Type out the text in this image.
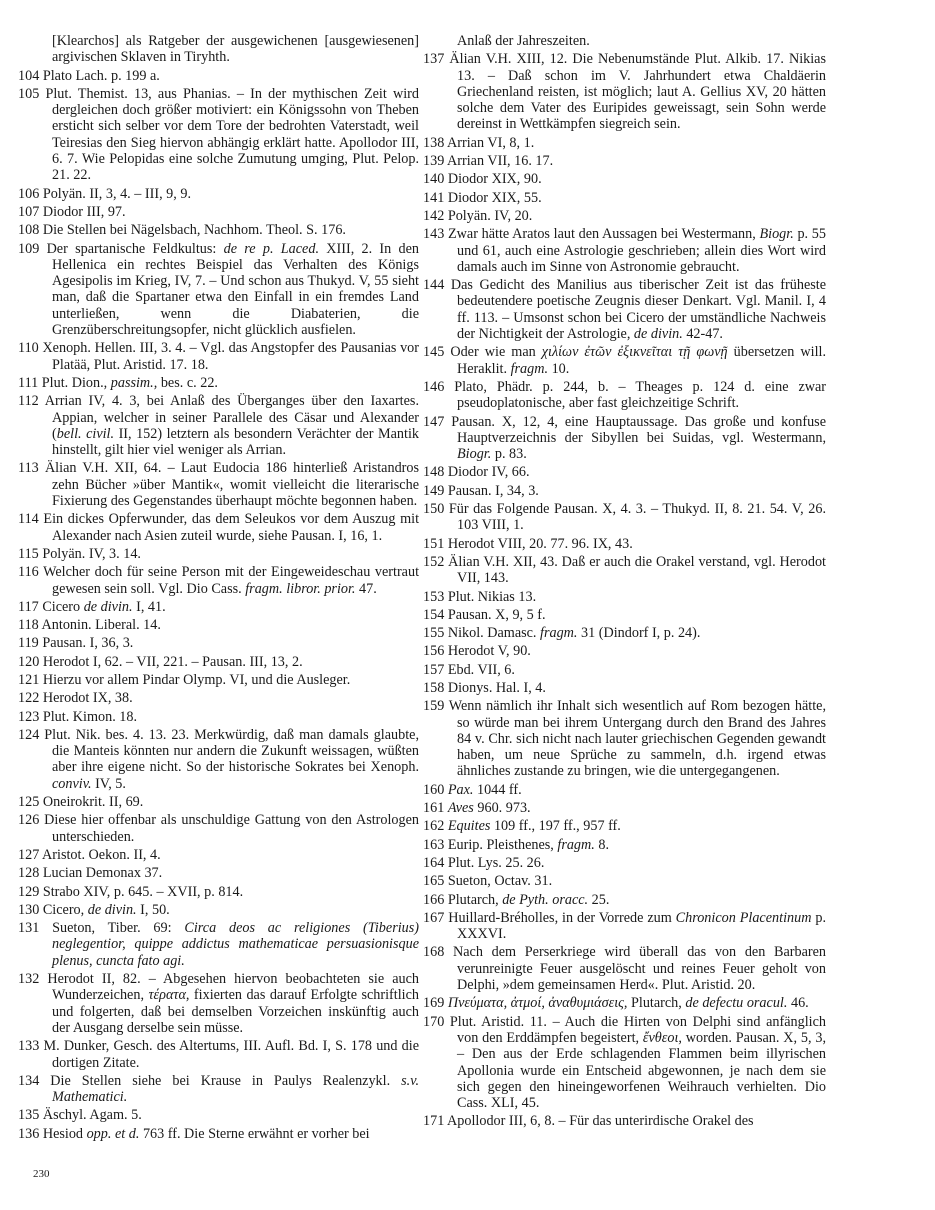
[Klearchos] als Ratgeber der ausgewichenen [ausgewiesenen] argivischen Sklaven in Tiryhth.

104 Plato Lach. p. 199 a.

105 Plut. Themist. 13, aus Phanias. – In der mythischen Zeit wird dergleichen doch größer motiviert: ein Königssohn von Theben ersticht sich selber vor dem Tore der bedrohten Vaterstadt, weil Teiresias den Sieg hiervon abhängig erklärt hatte. Apollodor III, 6. 7. Wie Pelopidas eine solche Zumutung umging, Plut. Pelop. 21. 22.

106 Polyän. II, 3, 4. – III, 9, 9.

107 Diodor III, 97.

108 Die Stellen bei Nägelsbach, Nachhom. Theol. S. 176.

109 Der spartanische Feldkultus: de re p. Laced. XIII, 2. In den Hellenica ein rechtes Beispiel das Verhalten des Königs Agesipolis im Krieg, IV, 7. – Und schon aus Thukyd. V, 55 sieht man, daß die Spartaner etwa den Einfall in ein fremdes Land unterließen, wenn die Diabaterien, die Grenzüberschreitungsopfer, nicht glücklich ausfielen.

110 Xenoph. Hellen. III, 3. 4. – Vgl. das Angstopfer des Pausanias vor Platää, Plut. Aristid. 17. 18.

111 Plut. Dion., passim., bes. c. 22.

112 Arrian IV, 4. 3, bei Anlaß des Überganges über den Iaxartes. Appian, welcher in seiner Parallele des Cäsar und Alexander (bell. civil. II, 152) letztern als besondern Verächter der Mantik hinstellt, gilt hier viel weniger als Arrian.

113 Älian V.H. XII, 64. – Laut Eudocia 186 hinterließ Aristandros zehn Bücher »über Mantik«, womit vielleicht die literarische Fixierung des Gegenstandes überhaupt möchte begonnen haben.

114 Ein dickes Opferwunder, das dem Seleukos vor dem Auszug mit Alexander nach Asien zuteil wurde, siehe Pausan. I, 16, 1.

115 Polyän. IV, 3. 14.

116 Welcher doch für seine Person mit der Eingeweideschau vertraut gewesen sein soll. Vgl. Dio Cass. fragm. libror. prior. 47.

117 Cicero de divin. I, 41.

118 Antonin. Liberal. 14.

119 Pausan. I, 36, 3.

120 Herodot I, 62. – VII, 221. – Pausan. III, 13, 2.

121 Hierzu vor allem Pindar Olymp. VI, und die Ausleger.

122 Herodot IX, 38.

123 Plut. Kimon. 18.

124 Plut. Nik. bes. 4. 13. 23. Merkwürdig, daß man damals glaubte, die Manteis könnten nur andern die Zukunft weissagen, wüßten aber ihre eigene nicht. So der historische Sokrates bei Xenoph. conviv. IV, 5.

125 Oneirokrit. II, 69.

126 Diese hier offenbar als unschuldige Gattung von den Astrologen unterschieden.

127 Aristot. Oekon. II, 4.

128 Lucian Demonax 37.

129 Strabo XIV, p. 645. – XVII, p. 814.

130 Cicero, de divin. I, 50.

131 Sueton, Tiber. 69: Circa deos ac religiones (Tiberius) neglegentior, quippe addictus mathematicae persuasionisque plenus, cuncta fato agi.

132 Herodot II, 82. – Abgesehen hiervon beobachteten sie auch Wunderzeichen, τέρατα, fixierten das darauf Erfolgte schriftlich und folgerten, daß bei demselben Vorzeichen inskünftig auch der Ausgang derselbe sein müsse.

133 M. Dunker, Gesch. des Altertums, III. Aufl. Bd. I, S. 178 und die dortigen Zitate.

134 Die Stellen siehe bei Krause in Paulys Realenzykl. s.v. Mathematici.

135 Äschyl. Agam. 5.

136 Hesiod opp. et d. 763 ff. Die Sterne erwähnt er vorher bei

Anlaß der Jahreszeiten.

137 Älian V.H. XIII, 12. Die Nebenumstände Plut. Alkib. 17. Nikias 13. – Daß schon im V. Jahrhundert etwa Chaldäerin Griechenland reisten, ist möglich; laut A. Gellius XV, 20 hätten solche dem Vater des Euripides geweissagt, sein Sohn werde dereinst in Wettkämpfen siegreich sein.

138 Arrian VI, 8, 1.

139 Arrian VII, 16. 17.

140 Diodor XIX, 90.

141 Diodor XIX, 55.

142 Polyän. IV, 20.

143 Zwar hätte Aratos laut den Aussagen bei Westermann, Biogr. p. 55 und 61, auch eine Astrologie geschrieben; allein dies Wort wird damals auch im Sinne von Astronomie gebraucht.

144 Das Gedicht des Manilius aus tiberischer Zeit ist das früheste bedeutendere poetische Zeugnis dieser Denkart. Vgl. Manil. I, 4 ff. 113. – Umsonst schon bei Cicero der umständliche Nachweis der Nichtigkeit der Astrologie, de divin. 42-47.

145 Oder wie man χιλίων ἐτῶν ἐξικνεῖται τῇ φωνῇ übersetzen will. Heraklit. fragm. 10.

146 Plato, Phädr. p. 244, b. – Theages p. 124 d. eine zwar pseudoplatonische, aber fast gleichzeitige Schrift.

147 Pausan. X, 12, 4, eine Hauptaussage. Das große und konfuse Hauptverzeichnis der Sibyllen bei Suidas, vgl. Westermann, Biogr. p. 83.

148 Diodor IV, 66.

149 Pausan. I, 34, 3.

150 Für das Folgende Pausan. X, 4. 3. – Thukyd. II, 8. 21. 54. V, 26. 103 VIII, 1.

151 Herodot VIII, 20. 77. 96. IX, 43.

152 Älian V.H. XII, 43. Daß er auch die Orakel verstand, vgl. Herodot VII, 143.

153 Plut. Nikias 13.

154 Pausan. X, 9, 5 f.

155 Nikol. Damasc. fragm. 31 (Dindorf I, p. 24).

156 Herodot V, 90.

157 Ebd. VII, 6.

158 Dionys. Hal. I, 4.

159 Wenn nämlich ihr Inhalt sich wesentlich auf Rom bezogen hätte, so würde man bei ihrem Untergang durch den Brand des Jahres 84 v. Chr. sich nicht nach lauter griechischen Gegenden gewandt haben, um neue Sprüche zu sammeln, d.h. irgend etwas ähnliches zustande zu bringen, wie die untergegangenen.

160 Pax. 1044 ff.

161 Aves 960. 973.

162 Equites 109 ff., 197 ff., 957 ff.

163 Eurip. Pleisthenes, fragm. 8.

164 Plut. Lys. 25. 26.

165 Sueton, Octav. 31.

166 Plutarch, de Pyth. oracc. 25.

167 Huillard-Bréholles, in der Vorrede zum Chronicon Placentinum p. XXXVI.

168 Nach dem Perserkriege wird überall das von den Barbaren verunreinigte Feuer ausgelöscht und reines Feuer geholt von Delphi, »dem gemeinsamen Herd«. Plut. Aristid. 20.

169 Πνεύματα, ἀτμοί, ἀναθυμιάσεις, Plutarch, de defectu oracul. 46.

170 Plut. Aristid. 11. – Auch die Hirten von Delphi sind anfänglich von den Erddämpfen begeistert, ἔνθεοι, worden. Pausan. X, 5, 3, – Den aus der Erde schlagenden Flammen beim illyrischen Apollonia wurde ein Entscheid abgewonnen, je nach dem sie sich gegen den hineingeworfenen Weihrauch verhielten. Dio Cass. XLI, 45.

171 Apollodor III, 6, 8. – Für das unterirdische Orakel des

230
